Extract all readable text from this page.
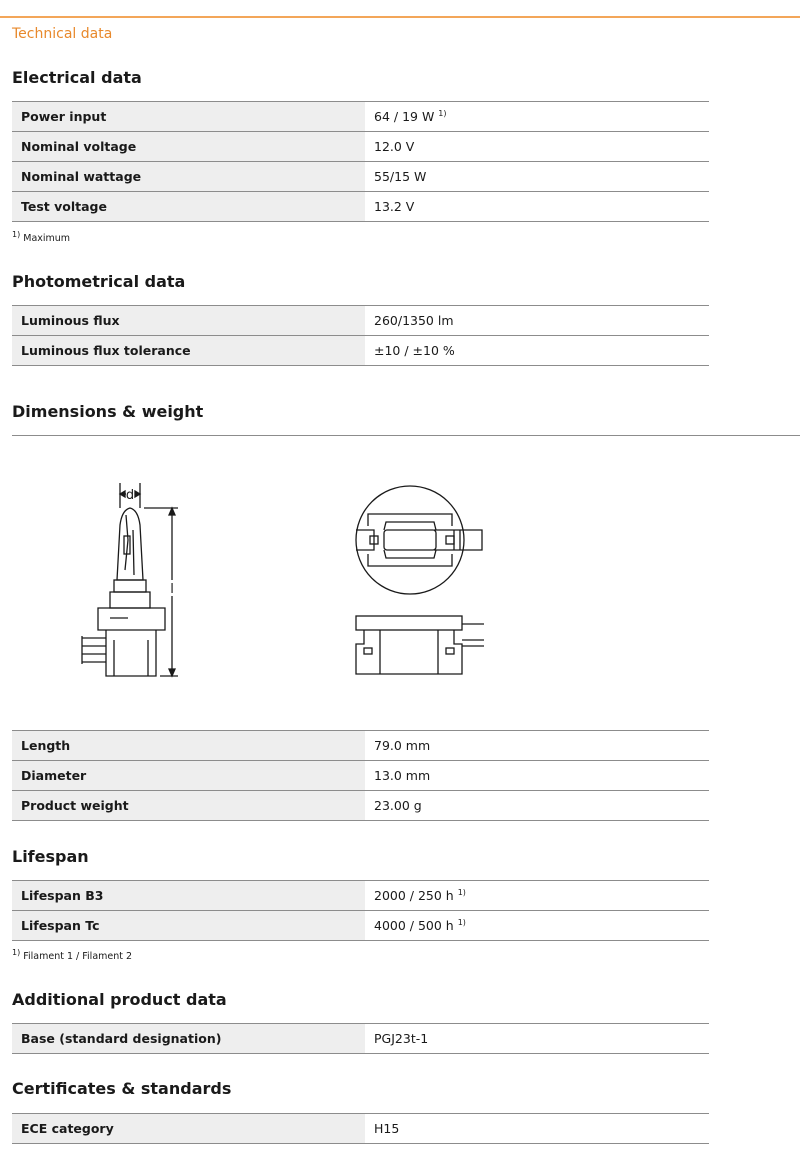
Technical data
Electrical data
Power input	64 / 19 W $^{1)}$
Nominal voltage	12.0 V
Nominal wattage	55/15 W
Test voltage	13.2 V
$^{1)}$ Maximum
Photometrical data
Luminous flux	260/1350 lm
Luminous flux tolerance	±10 / ±10 %
Dimensions & weight
d
l
Length	79.0 mm
Diameter	13.0 mm
Product weight	23.00 g
Lifespan
Lifespan B3	2000 / 250 h $^{1)}$
Lifespan Tc	4000 / 500 h $^{1)}$
$^{1)}$ Filament 1 / Filament 2
Additional product data
Base (standard designation)	PGJ23t-1
Certificates & standards
ECE category	H15
